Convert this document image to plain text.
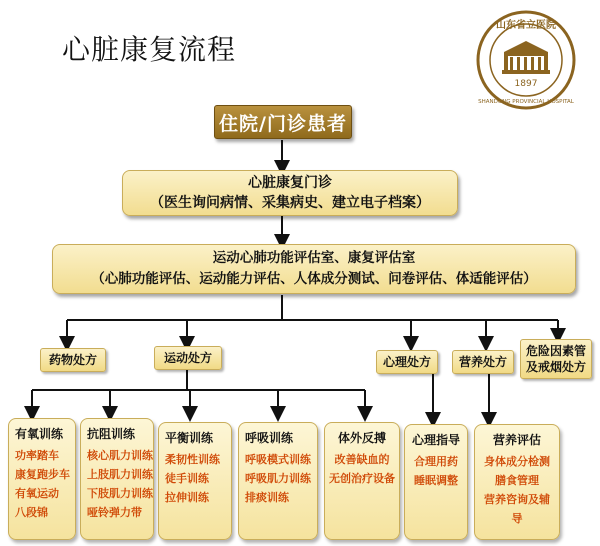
心脏康复流程
山东省立医院
1897
SHANDONG PROVINCIAL HOSPITAL
住院/门诊患者
心脏康复门诊
（医生询问病情、采集病史、建立电子档案）
运动心肺功能评估室、康复评估室
（心肺功能评估、运动能力评估、人体成分测试、问卷评估、体适能评估）
药物处方	运动处方	心理处方 营养处方
危险因素管
及戒烟处方
有氧训练
功率踏车
康复跑步车
有氧运动
八段锦
抗阻训练
核心肌力训练
上肢肌力训练
下肢肌力训练
哑铃弹力带
平衡训练
柔韧性训练
徒手训练
拉伸训练
呼吸训练
呼吸模式训练
呼吸肌力训练
排痰训练
体外反搏
改善缺血的
无创治疗设备
心理指导
合理用药
睡眠调整
营养评估
身体成分检测
膳食管理
营养咨询及辅
导
